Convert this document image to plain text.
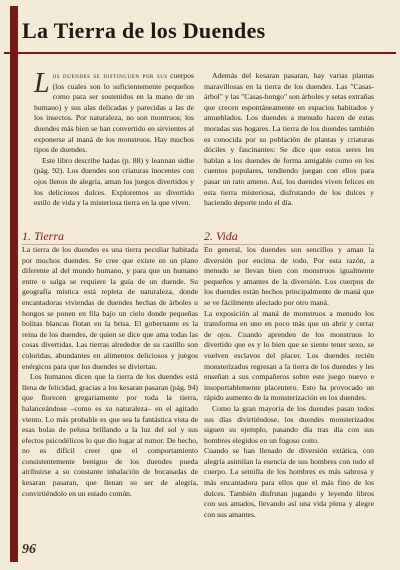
La Tierra de los Duendes

L os duendes se distinguen por sus cuerpos (los cuales son lo suficientemente pequeños como para ser sostenidos en la mano de un humano) y sus alas delicadas y parecidas a las de los insectos. Por naturaleza, no son montruos; los duendes más bien se han convertido en sirvientes al exponerse al maná de los monstruos. Hay muchos tipos de duendes.

Este libro describe hadas (p. 88) y leannan sidhe (pág. 92). Los duendes son criaturas inocentes con ojos llenos de alegría, aman los juegos divertidos y los deliciosos dulces. Exploremos su divertido estilo de vida y la misteriosa tierra en la que viven.

Además del kesaran pasaran, hay varias plantas maravillosas en la tierra de los duendes. Las "Casas-árbol" y las "Casas-hongo" son árboles y setas extrañas que crecen espontáneamente en espacios habitados y amueblados. Los duendes a menudo hacen de estas moradas sus hogares. La tierra de los duendes también es conocida por su población de plantas y criaturas dóciles y fascinantes: Se dice que estos seres les hablan a los duendes de forma amigable como en los cuentos populares, tendiendo juegan con ellos para pasar un rato ameno. Así, los duendes viven felices en esta tierra misteriosa, disfrutando de los dulces y haciendo deporte todo el día.

1. Tierra	2. Vida

La tierra de los duendes es una tierra peculiar habitada por muchos duendes. Se cree que existe en un plano diferente al del mundo humano, y para que un humano entre o salga se requiere la guía de un duende. Su geografía mística está repleta de naturaleza, donde encantadoras viviendas de duendes hechas de árboles u hongos se ponen en fila bajo un cielo donde pequeñas bolitas blancas flotan en la brisa. El gobernante es la reina de los duendes, de quien se dice que ama todas las cosas divertidas. Las tierras alrededor de su castillo son coloridas, abundantes en alimentos deliciosos y juegos enérgicos para que los duendes se diviertan.

Los humanos dicen que la tierra de los duendes está llena de felicidad, gracias a los kesaran pasaran (pág. 94) que florecen gregariamente por toda la tierra, balanceándose –como es su naturaleza– en el agitado viento. Lo más probable es que sea la fantástica vista de esas bolas de pelusa brillando a la luz del sol y sus efectos psicodélicos lo que dio lugar al rumor. De hecho, no es difícil creer que el comportamiento consistentemente benigno de los duendes pueda atribuirse a su constante inhalación de bocanadas de kesaran pasaran, que llenan su ser de alegría, convirtiéndolo en un estado común.

En general, los duendes son sencillos y aman la diversión por encima de todo. Por esta razón, a menudo se llevan bien con monstruos igualmente pequeños y amantes de la diversión. Los cuerpos de los duendes están hechos principalmente de maná que se ve fácilmente afectado por otro maná.

La exposición al maná de monstruos a menudo los transforma en uno en poco más que un abrir y cerrar de ojos. Cuando aprenden de los monstruos lo divertido que es y lo bien que se siente tener sexo, se vuelven esclavos del placer. Los duendes recién monsterizados regresan a la tierra de los duendes y les enseñan a sus compañeros sobre este juego nuevo e insoportablemente placentero. Esto ha provocado un rápido aumento de la monsterización en los duendes.

Como la gran mayoría de los duendes pasan todos sus días divirtiéndose, los duendes monsterizados siguen su ejemplo, pasando día tras día con sus hombres elegidos en un fogoso coito.

Cuando se han llenado de diversión extática, con alegría asimilan la esencia de sus hombres con todo el cuerpo. La semilla de los hombres es más sabrosa y más encantadora para ellos que el más fino de los dulces. También disfrutan jugando y leyendo libros con sus amados, llevando así una vida plena y alegre con sus amantes.

96
